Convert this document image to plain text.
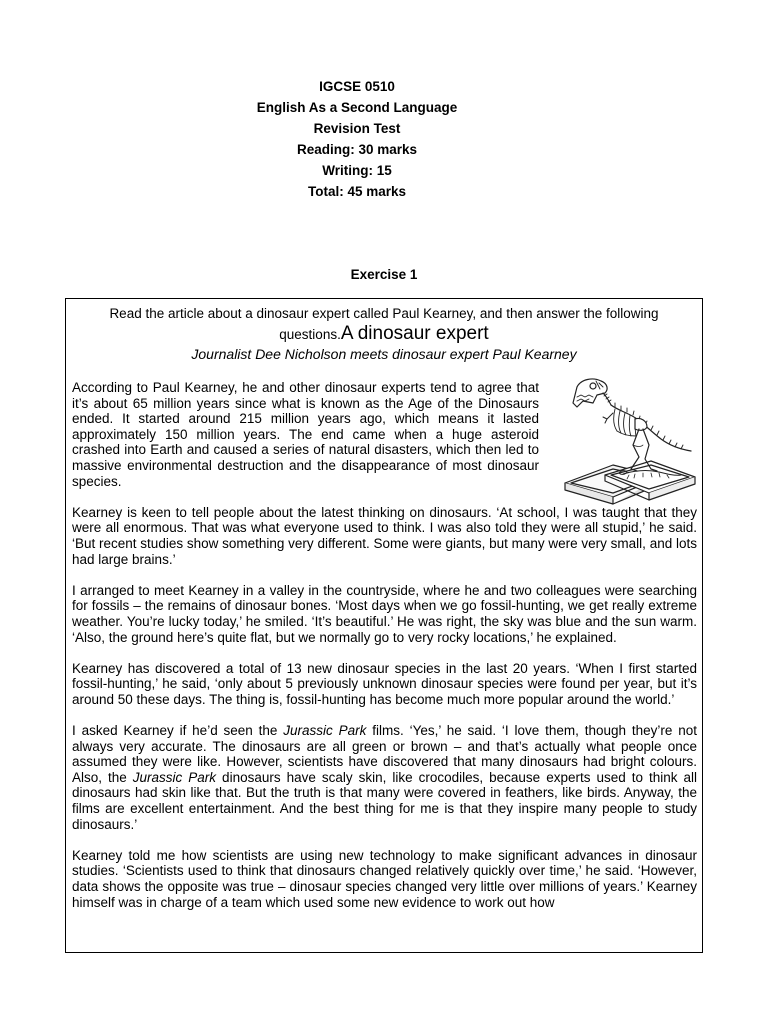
IGCSE 0510
English As a Second Language
Revision Test
Reading: 30 marks
Writing: 15
Total: 45 marks
Exercise 1
Read the article about a dinosaur expert called Paul Kearney, and then answer the following questions.A dinosaur expert
Journalist Dee Nicholson meets dinosaur expert Paul Kearney

According to Paul Kearney, he and other dinosaur experts tend to agree that it’s about 65 million years since what is known as the Age of the Dinosaurs ended. It started around 215 million years ago, which means it lasted approximately 150 million years. The end came when a huge asteroid crashed into Earth and caused a series of natural disasters, which then led to massive environmental destruction and the disappearance of most dinosaur species.

Kearney is keen to tell people about the latest thinking on dinosaurs. ‘At school, I was taught that they were all enormous. That was what everyone used to think. I was also told they were all stupid,’ he said. ‘But recent studies show something very different. Some were giants, but many were very small, and lots had large brains.’

I arranged to meet Kearney in a valley in the countryside, where he and two colleagues were searching for fossils – the remains of dinosaur bones. ‘Most days when we go fossil-hunting, we get really extreme weather. You’re lucky today,’ he smiled. ‘It’s beautiful.’ He was right, the sky was blue and the sun warm. ‘Also, the ground here’s quite flat, but we normally go to very rocky locations,’ he explained.

Kearney has discovered a total of 13 new dinosaur species in the last 20 years. ‘When I first started fossil-hunting,’ he said, ‘only about 5 previously unknown dinosaur species were found per year, but it’s around 50 these days. The thing is, fossil-hunting has become much more popular around the world.’

I asked Kearney if he’d seen the Jurassic Park films. ‘Yes,’ he said. ‘I love them, though they’re not always very accurate. The dinosaurs are all green or brown – and that’s actually what people once assumed they were like. However, scientists have discovered that many dinosaurs had bright colours. Also, the Jurassic Park dinosaurs have scaly skin, like crocodiles, because experts used to think all dinosaurs had skin like that. But the truth is that many were covered in feathers, like birds. Anyway, the films are excellent entertainment. And the best thing for me is that they inspire many people to study dinosaurs.’

Kearney told me how scientists are using new technology to make significant advances in dinosaur studies. ‘Scientists used to think that dinosaurs changed relatively quickly over time,’ he said. ‘However, data shows the opposite was true – dinosaur species changed very little over millions of years.’ Kearney himself was in charge of a team which used some new evidence to work out how
